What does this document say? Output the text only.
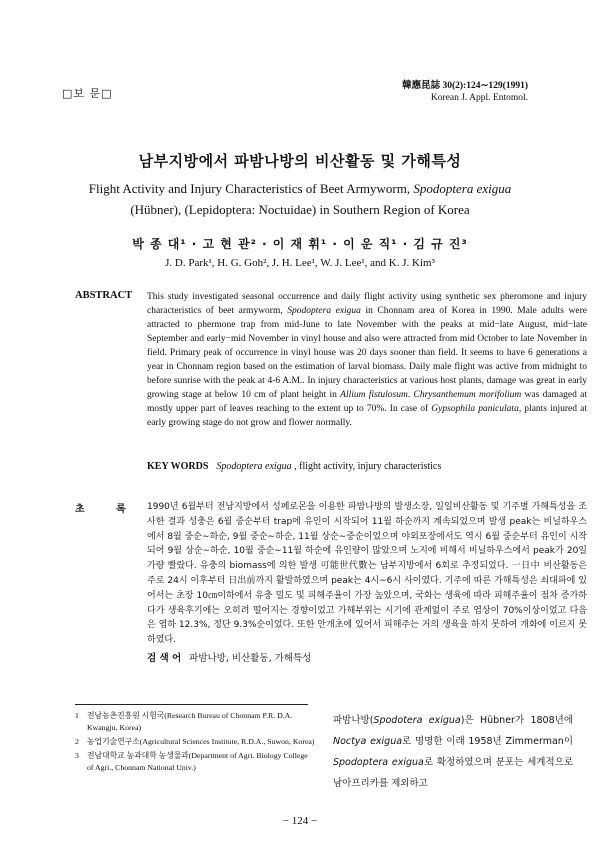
□보 문□
韓應昆誌 30(2):124∼129(1991)
Korean J. Appl. Entomol.
남부지방에서 파밤나방의 비산활동 및 가해특성
Flight Activity and Injury Characteristics of Beet Armyworm, Spodoptera exigua
(Hübner), (Lepidoptera: Noctuidae) in Southern Region of Korea
박 종 대¹ · 고 현 관² · 이 재 휘¹ · 이 운 직¹ · 김 규 진³
J. D. Park¹, H. G. Goh², J. H. Lee¹, W. J. Lee¹, and K. J. Kim³
ABSTRACT This study investigated seasonal occurrence and daily flight activity using synthetic sex pheromone and injury characteristics of beet armyworm, Spodoptera exigua in Chonnam area of Korea in 1990. Male adults were attracted to phermone trap from mid-June to late November with the peaks at mid−late August, mid−late September and early−mid November in vinyl house and also were attracted from mid October to late November in field. Primary peak of occurrence in vinyl house was 20 days sooner than field. It seems to have 6 generations a year in Chonnam region based on the estimation of larval biomass. Daily male flight was active from midnight to before sunrise with the peak at 4-6 A.M.. In injury characteristics at various host plants, damage was great in early growing stage at below 10 cm of plant height in Allium fistulosum. Chrysanthemum morifolium was damaged at mostly upper part of leaves reaching to the extent up to 70%. In case of Gypsophila paniculata, plants injured at early growing stage do not grow and flower normally.
KEY WORDS Spodoptera exigua , flight activity, injury characteristics
초 록 1990년 6월부터 전남지방에서 성페로몬을 이용한 파밤나방의 발생소장, 일일비산활동 및 기주별 가해특성을 조사한 결과 성충은 6월 중순부터 trap에 유인이 시작되어 11월 하순까지 계속되었으며 발생 peak는 비닐하우스에서 8월 중순∼하순, 9월 중순∼하순, 11월 상순∼중순이었으며 야외포장에서도 역시 6월 중순부터 유인이 시작되어 9월 상순∼하순, 10월 중순∼11월 하순에 유인량이 많았으며 노지에 비해서 비닐하우스에서 peak가 20일 가량 빨랐다. 유충의 biomass에 의한 발생 可能世代數는 남부지방에서 6회로 추정되었다. 一日中 비산활동은 주로 24시 이후부터 日出前까지 활발하였으며 peak는 4시∼6시 사이였다. 기주에 따른 가해특성은 쇠대파에 있어서는 초장 10㎝이하에서 유충 밀도 및 피해주율이 가장 높았으며, 국화는 생육에 따라 피해주율이 점차 증가하다가 생육후기에는 오히려 떨어지는 경향이었고 가해부위는 시기에 관계없이 주로 엽상이 70%이상이었고 다음은 엽하 12.3%, 정단 9.3%순이었다. 또한 안개초에 있어서 피해주는 거의 생육을 하지 못하여 개화에 이르지 못하였다.
검 색 어 파밤나방, 비산활동, 가해특성
1 전남농촌진흥원 시험국(Research Bureau of Chonnam P.R. D.A. Kwangju, Korea)
2 농업기술연구소(Agricultural Sciences Institute, R.D.A., Suwon, Korea)
3 전남대학교 농과대학 농생물과(Department of Agri. Biology College of Agri., Chonnam National Univ.)
파밤나방(Spodotera exigua)은 Hübner가 1808년에 Noctya exigua로 명명한 이래 1958년 Zimmerman이 Spodoptera exigua로 확정하였으며 분포는 세계적으로 남아프리카를 제외하고
− 124 −
